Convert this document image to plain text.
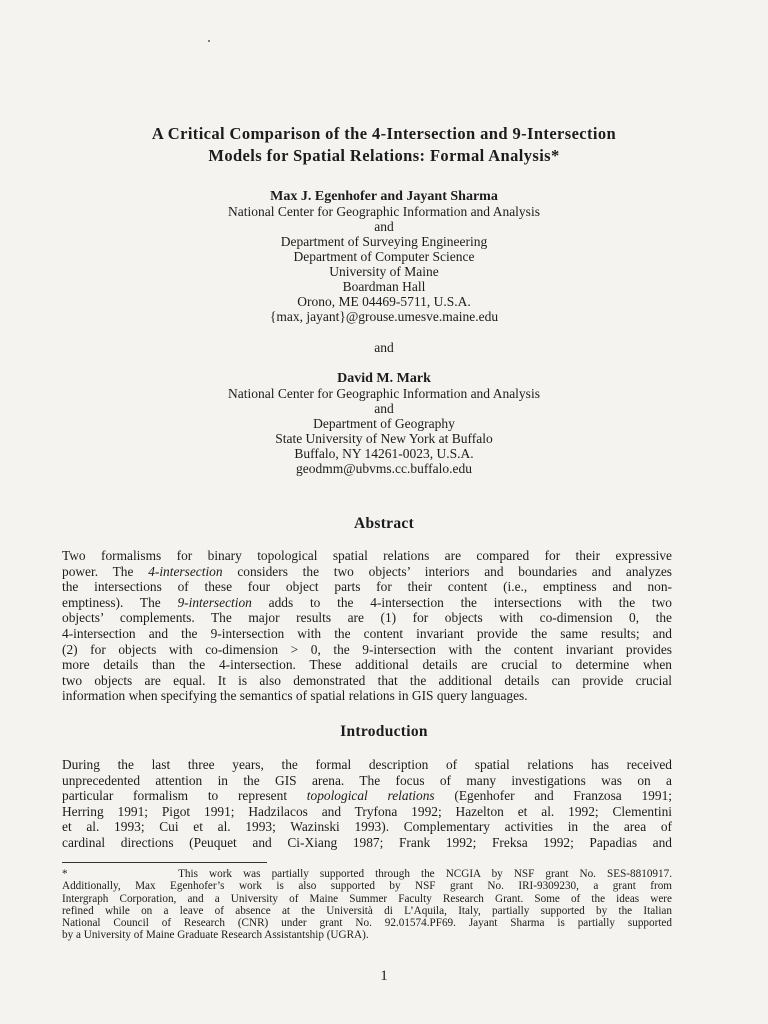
A Critical Comparison of the 4-Intersection and 9-Intersection
Models for Spatial Relations: Formal Analysis*
Max J. Egenhofer and Jayant Sharma
National Center for Geographic Information and Analysis
and
Department of Surveying Engineering
Department of Computer Science
University of Maine
Boardman Hall
Orono, ME 04469-5711, U.S.A.
{max, jayant}@grouse.umesve.maine.edu
and
David M. Mark
National Center for Geographic Information and Analysis
and
Department of Geography
State University of New York at Buffalo
Buffalo, NY 14261-0023, U.S.A.
geodmm@ubvms.cc.buffalo.edu
Abstract
Two formalisms for binary topological spatial relations are compared for their expressive
power. The 4-intersection considers the two objects’ interiors and boundaries and analyzes
the intersections of these four object parts for their content (i.e., emptiness and non-
emptiness). The 9-intersection adds to the 4-intersection the intersections with the two
objects’ complements. The major results are (1) for objects with co-dimension 0, the
4-intersection and the 9-intersection with the content invariant provide the same results; and
(2) for objects with co-dimension > 0, the 9-intersection with the content invariant provides
more details than the 4-intersection. These additional details are crucial to determine when
two objects are equal. It is also demonstrated that the additional details can provide crucial
information when specifying the semantics of spatial relations in GIS query languages.
Introduction
During the last three years, the formal description of spatial relations has received
unprecedented attention in the GIS arena. The focus of many investigations was on a
particular formalism to represent topological relations (Egenhofer and Franzosa 1991;
Herring 1991; Pigot 1991; Hadzilacos and Tryfona 1992; Hazelton et al. 1992; Clementini
et al. 1993; Cui et al. 1993; Wazinski 1993). Complementary activities in the area of
cardinal directions (Peuquet and Ci-Xiang 1987; Frank 1992; Freksa 1992; Papadias and
*          This work was partially supported through the NCGIA by NSF grant No. SES-8810917.
Additionally, Max Egenhofer’s work is also supported by NSF grant No. IRI-9309230, a grant from
Intergraph Corporation, and a University of Maine Summer Faculty Research Grant. Some of the ideas were
refined while on a leave of absence at the Università di L’Aquila, Italy, partially supported by the Italian
National Council of Research (CNR) under grant No. 92.01574.PF69. Jayant Sharma is partially supported
by a University of Maine Graduate Research Assistantship (UGRA).
1
